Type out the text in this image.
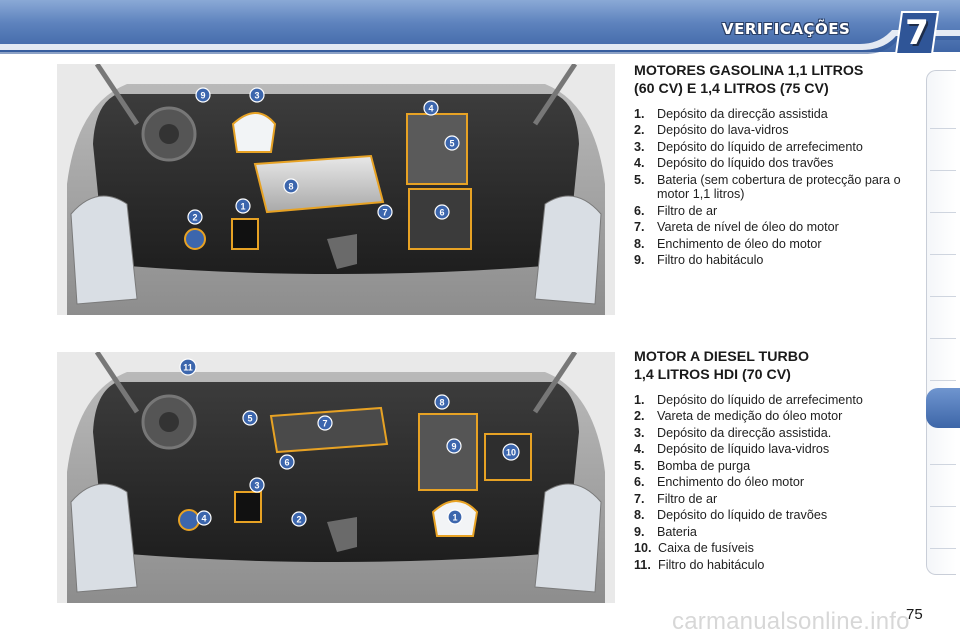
VERIFICAÇÕES	7
1
2
3
4
5
6
7
8
9
1
2
3
4
5
6
7
8
9
10
11
MOTORES GASOLINA 1,1 LITROS
(60 CV) E 1,4 LITROS (75 CV)
1. Depósito da direcção assistida
2. Depósito do lava-vidros
3. Depósito do líquido de arrefecimento
4. Depósito do líquido dos travões
5. Bateria (sem cobertura de protecção para o motor 1,1 litros)
6. Filtro de ar
7. Vareta de nível de óleo do motor
8. Enchimento de óleo do motor
9. Filtro do habitáculo
MOTOR A DIESEL TURBO
1,4 LITROS HDI (70 CV)
1. Depósito do líquido de arrefecimento
2. Vareta de medição do óleo motor
3. Depósito da direcção assistida.
4. Depósito de líquido lava-vidros
5. Bomba de purga
6. Enchimento do óleo motor
7. Filtro de ar
8. Depósito do líquido de travões
9. Bateria
10. Caixa de fusíveis
11. Filtro do habitáculo
carmanualsonline.info
75
